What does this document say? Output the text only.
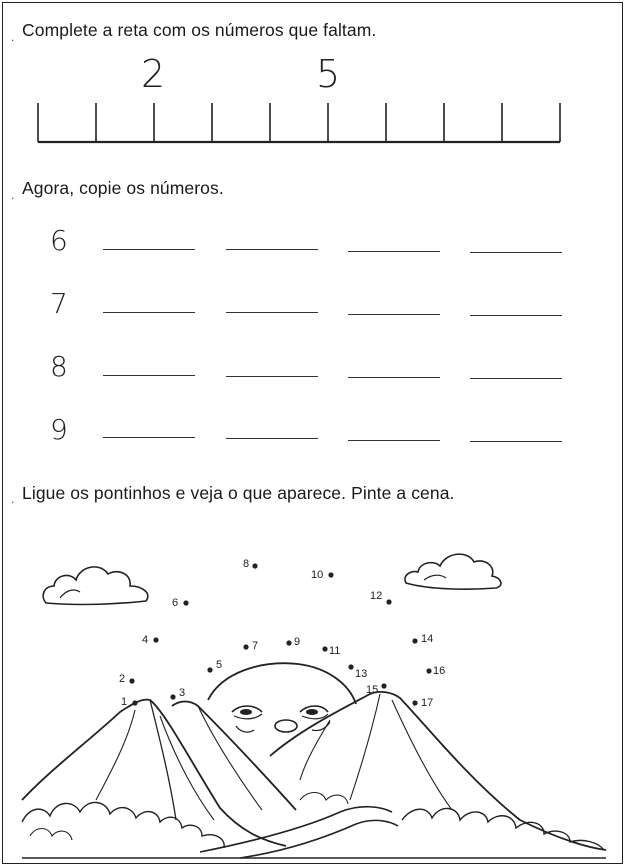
. Complete a reta com os números que faltam.
2	5
. Agora, copie os números.
6
7
8
9
. Ligue os pontinhos e veja o que aparece. Pinte a cena.
1
2
3
4
5
6
7
8
9
10
11
12
13
14
15
16
17
